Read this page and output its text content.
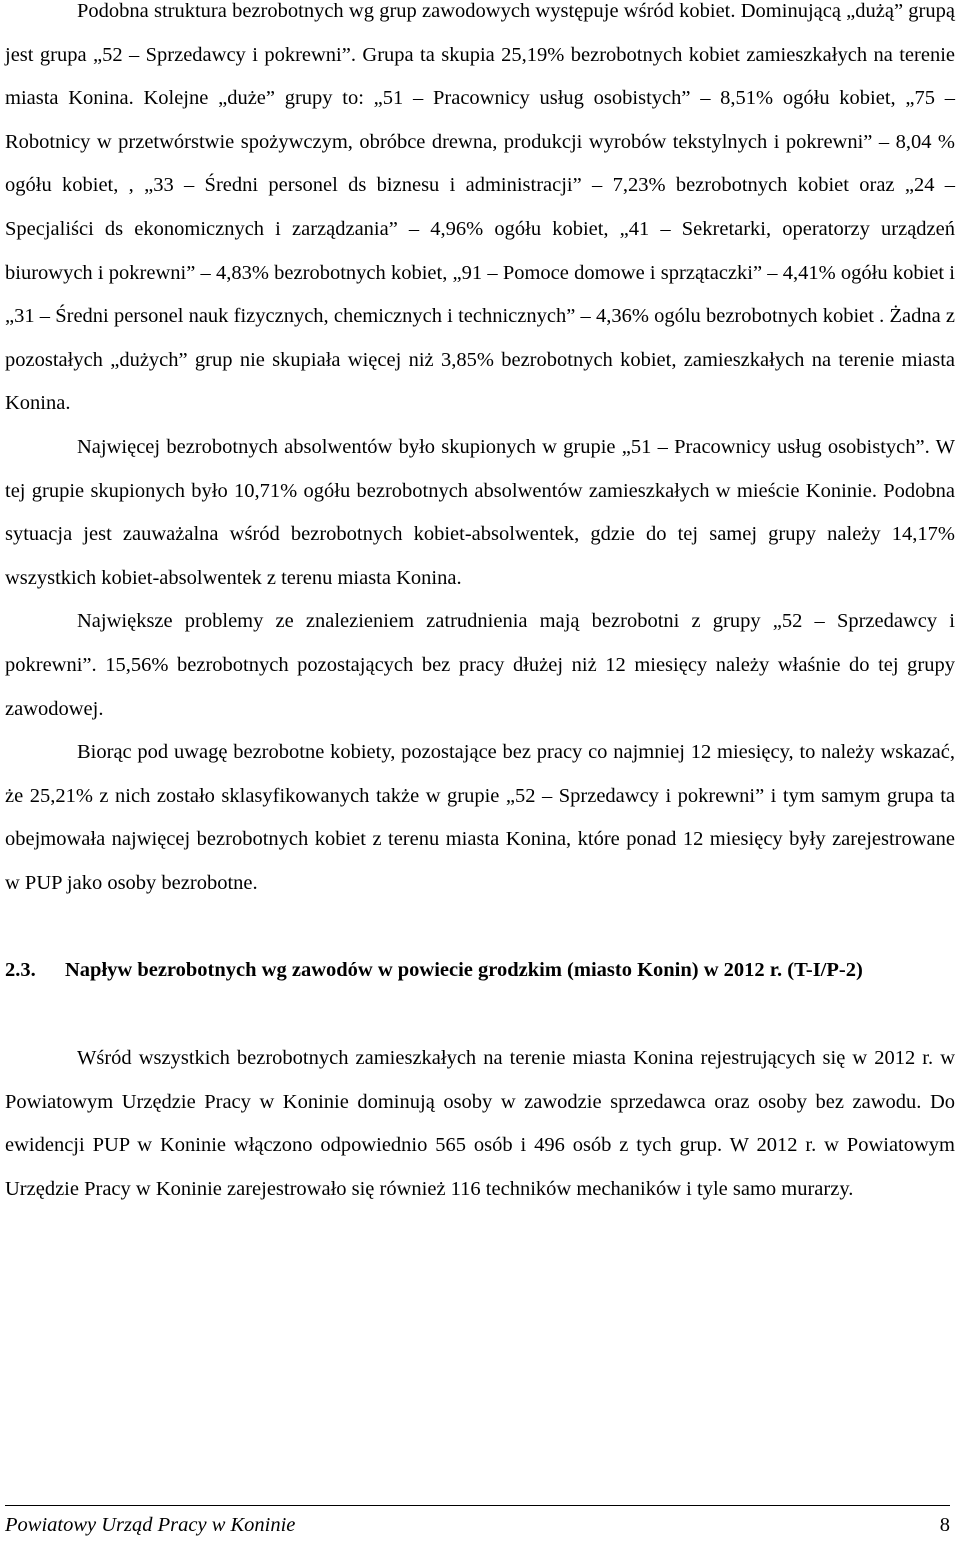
Podobna struktura bezrobotnych wg grup zawodowych występuje wśród kobiet. Dominującą „dużą” grupą jest grupa „52 – Sprzedawcy i pokrewni”. Grupa ta skupia 25,19% bezrobotnych kobiet zamieszkałych na terenie miasta Konina. Kolejne „duże” grupy to: „51 – Pracownicy usług osobistych” – 8,51% ogółu kobiet, „75 – Robotnicy w przetwórstwie spożywczym, obróbce drewna, produkcji wyrobów tekstylnych i pokrewni” – 8,04 % ogółu kobiet, , „33 – Średni personel ds biznesu i administracji” – 7,23% bezrobotnych kobiet oraz „24 – Specjaliści ds ekonomicznych i zarządzania” – 4,96% ogółu kobiet, „41 – Sekretarki, operatorzy urządzeń biurowych i pokrewni” – 4,83% bezrobotnych kobiet, „91 – Pomoce domowe i sprzątaczki” – 4,41% ogółu kobiet i „31 – Średni personel nauk fizycznych, chemicznych i technicznych” – 4,36% ogólu bezrobotnych kobiet . Żadna z pozostałych „dużych” grup nie skupiała więcej niż 3,85% bezrobotnych kobiet, zamieszkałych na terenie miasta Konina.

Najwięcej bezrobotnych absolwentów było skupionych w grupie „51 – Pracownicy usług osobistych”. W tej grupie skupionych było 10,71% ogółu bezrobotnych absolwentów zamieszkałych w mieście Koninie. Podobna sytuacja jest zauważalna wśród bezrobotnych kobiet-absolwentek, gdzie do tej samej grupy należy 14,17% wszystkich kobiet-absolwentek z terenu miasta Konina.

Największe problemy ze znalezieniem zatrudnienia mają bezrobotni z grupy „52 – Sprzedawcy i pokrewni”. 15,56% bezrobotnych pozostających bez pracy dłużej niż 12 miesięcy należy właśnie do tej grupy zawodowej.

Biorąc pod uwagę bezrobotne kobiety, pozostające bez pracy co najmniej 12 miesięcy, to należy wskazać, że 25,21% z nich zostało sklasyfikowanych także w grupie „52 – Sprzedawcy i pokrewni” i tym samym grupa ta obejmowała najwięcej bezrobotnych kobiet z terenu miasta Konina, które ponad 12 miesięcy były zarejestrowane w PUP jako osoby bezrobotne.

2.3. Napływ bezrobotnych wg zawodów w powiecie grodzkim (miasto Konin) w 2012 r. (T-I/P-2)

Wśród wszystkich bezrobotnych zamieszkałych na terenie miasta Konina rejestrujących się w 2012 r. w Powiatowym Urzędzie Pracy w Koninie dominują osoby w zawodzie sprzedawca oraz osoby bez zawodu. Do ewidencji PUP w Koninie włączono odpowiednio 565 osób i 496 osób z tych grup. W 2012 r. w Powiatowym Urzędzie Pracy w Koninie zarejestrowało się również 116 techników mechaników i tyle samo murarzy.

Powiatowy Urząd Pracy w Koninie	8
